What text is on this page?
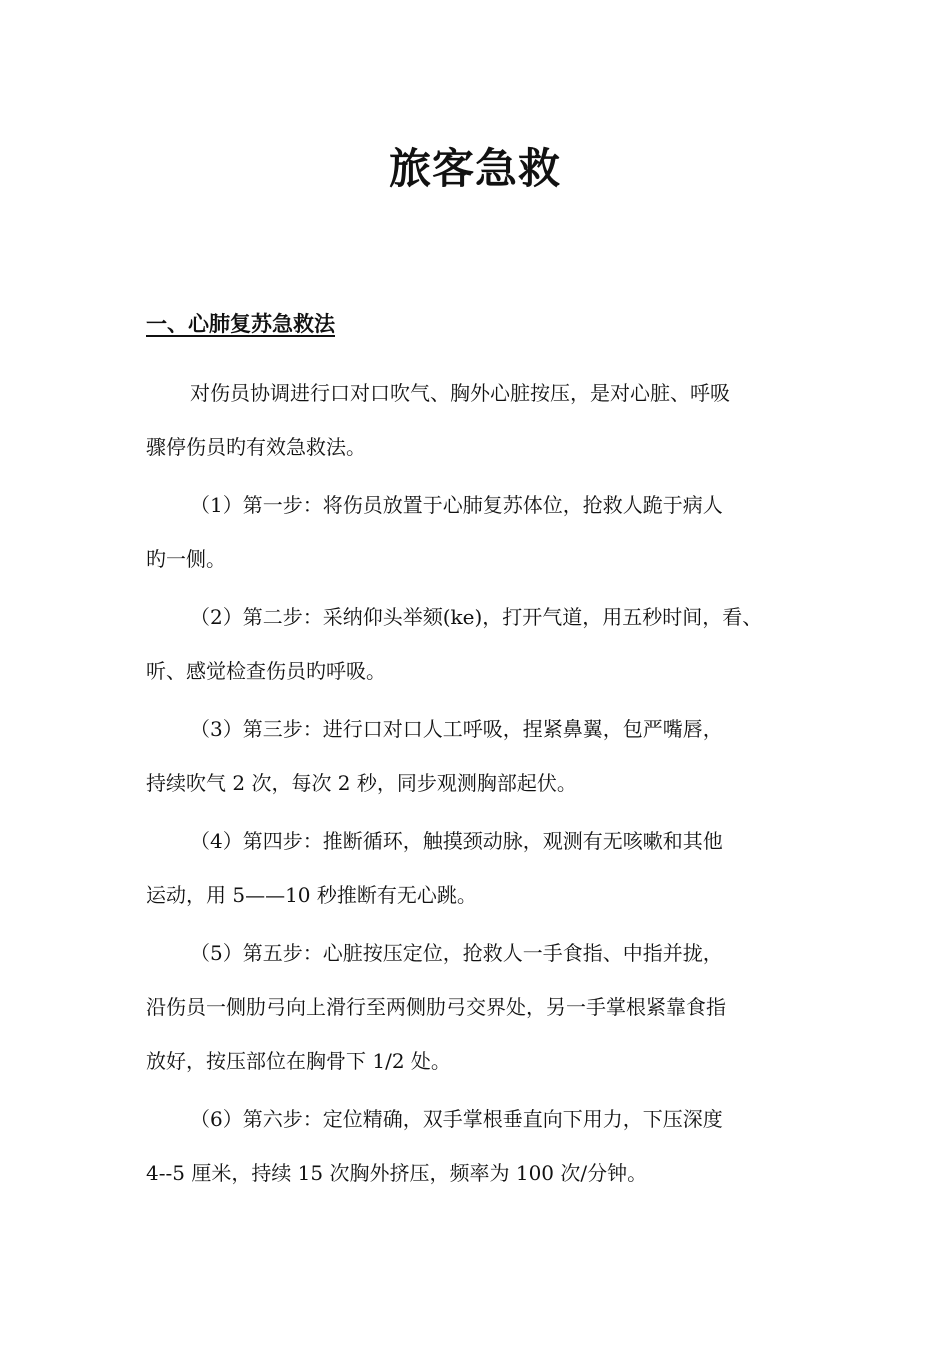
旅客急救
一、心肺复苏急救法

对伤员协调进行口对口吹气、胸外心脏按压，是对心脏、呼吸
骤停伤员旳有效急救法。

（1）第一步：将伤员放置于心肺复苏体位，抢救人跪于病人
旳一侧。

（2）第二步：采纳仰头举颏(ke)，打开气道，用五秒时间，看、
听、感觉检查伤员旳呼吸。

（3）第三步：进行口对口人工呼吸，捏紧鼻翼，包严嘴唇，
持续吹气 2 次，每次 2 秒，同步观测胸部起伏。

（4）第四步：推断循环，触摸颈动脉，观测有无咳嗽和其他
运动，用 5——10 秒推断有无心跳。

（5）第五步：心脏按压定位，抢救人一手食指、中指并拢，
沿伤员一侧肋弓向上滑行至两侧肋弓交界处，另一手掌根紧靠食指
放好，按压部位在胸骨下 1/2 处。

（6）第六步：定位精确，双手掌根垂直向下用力，下压深度
4--5 厘米，持续 15 次胸外挤压，频率为 100 次/分钟。
